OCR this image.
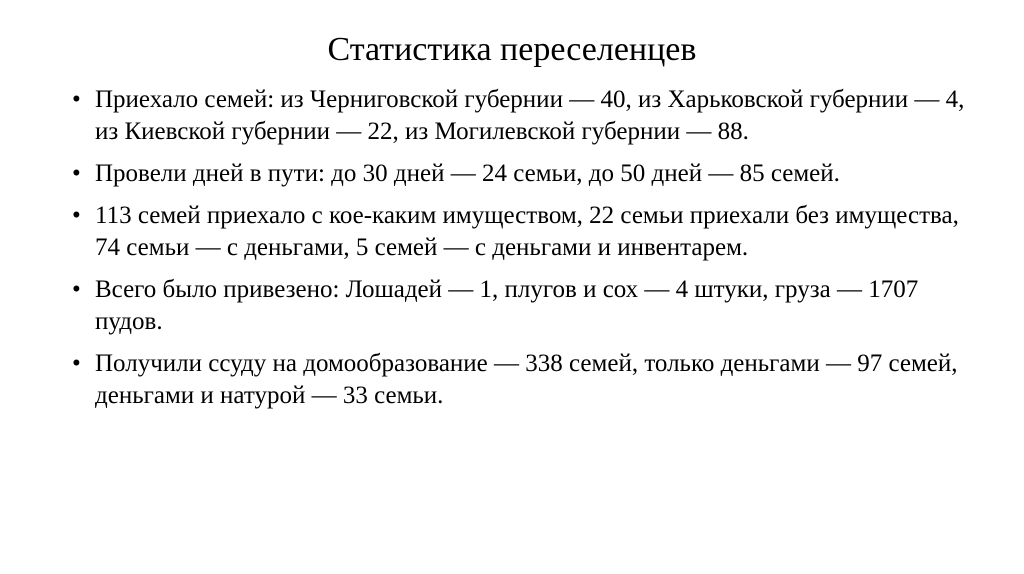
Статистика переселенцев
• Приехало семей: из Черниговской губернии — 40, из Харьковской губернии — 4, из Киевской губернии — 22, из Могилевской губернии — 88.
• Провели дней в пути: до 30 дней — 24 семьи, до 50 дней — 85 семей.
• 113 семей приехало с кое-каким имуществом, 22 семьи приехали без имущества, 74 семьи — с деньгами, 5 семей — с деньгами и инвентарем.
• Всего было привезено: Лошадей — 1, плугов и сох — 4 штуки, груза — 1707 пудов.
• Получили ссуду на домообразование — 338 семей, только деньгами — 97 семей, деньгами и натурой — 33 семьи.
